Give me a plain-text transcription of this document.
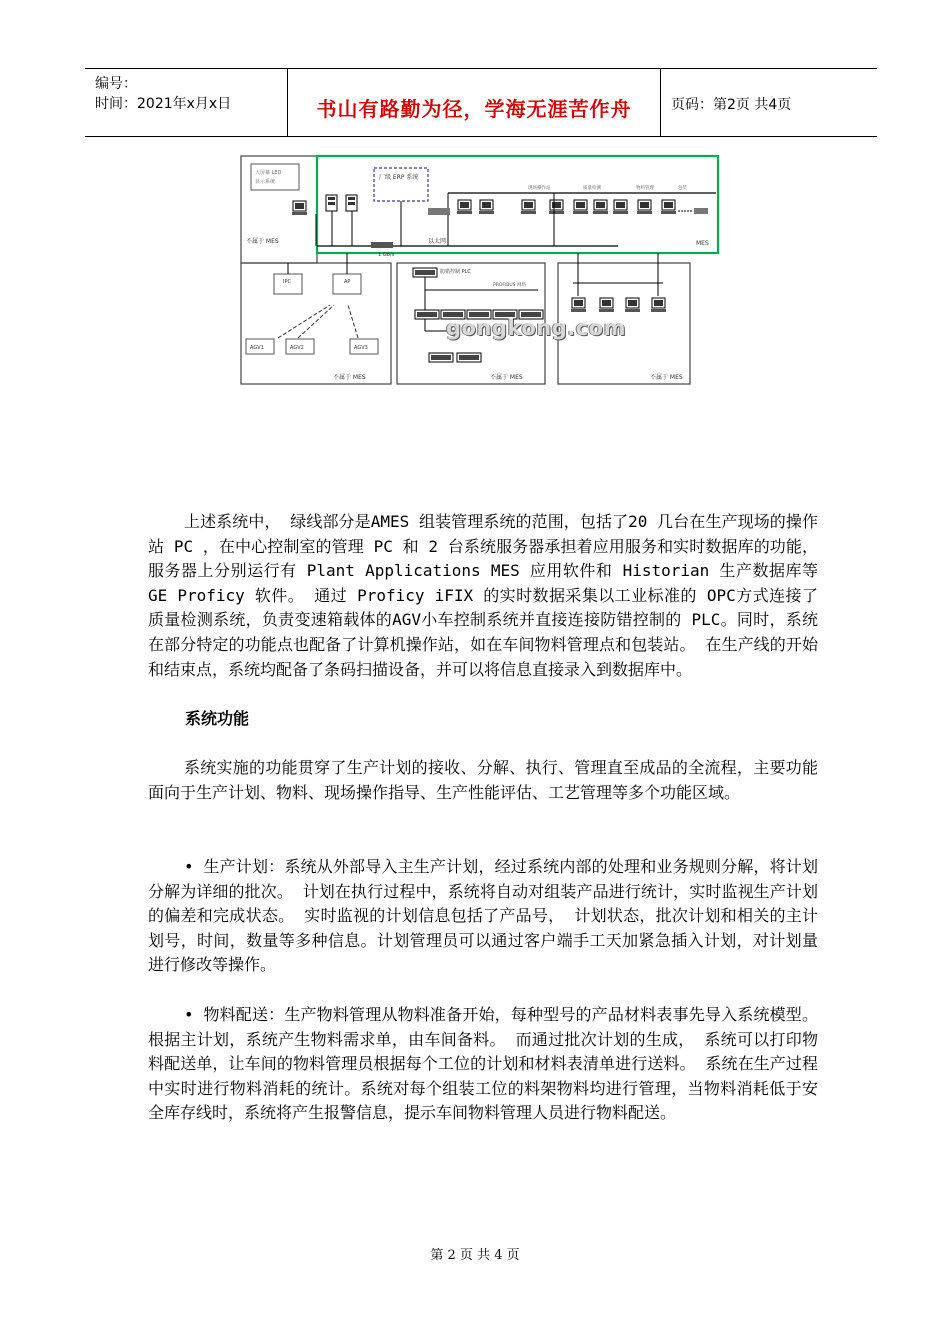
编号：
时间：2021年x月x日	书山有路勤为径，学海无涯苦作舟	页码：第2页 共4页
大屏幕 LED
显示系统
不属于 MES	MES
厂级 ERP 系统
以太网
1 Gb/s
现场操作站	质量检测	物料管理	包装
IPC	AP
AGV1	AGV2	AGV3
不属于 MES
防错控制 PLC
PROFIBUS 网络
不属于 MES	不属于 MES
gongkong.com
上述系统中， 绿线部分是AMES 组装管理系统的范围，包括了20 几台在生产现场的操作站 PC ，在中心控制室的管理 PC 和 2 台系统服务器承担着应用服务和实时数据库的功能， 服务器上分别运行有 Plant Applications MES 应用软件和 Historian 生产数据库等 GE Proficy 软件。 通过 Proficy iFIX 的实时数据采集以工业标准的 OPC方式连接了质量检测系统，负责变速箱载体的AGV小车控制系统并直接连接防错控制的 PLC。同时，系统在部分特定的功能点也配备了计算机操作站，如在车间物料管理点和包装站。 在生产线的开始和结束点，系统均配备了条码扫描设备，并可以将信息直接录入到数据库中。
系统功能
系统实施的功能贯穿了生产计划的接收、分解、执行、管理直至成品的全流程，主要功能面向于生产计划、物料、现场操作指导、生产性能评估、工艺管理等多个功能区域。
• 生产计划：系统从外部导入主生产计划，经过系统内部的处理和业务规则分解，将计划分解为详细的批次。 计划在执行过程中，系统将自动对组装产品进行统计，实时监视生产计划的偏差和完成状态。 实时监视的计划信息包括了产品号， 计划状态，批次计划和相关的主计划号，时间，数量等多种信息。计划管理员可以通过客户端手工天加紧急插入计划，对计划量进行修改等操作。
• 物料配送：生产物料管理从物料准备开始，每种型号的产品材料表事先导入系统模型。 根据主计划，系统产生物料需求单，由车间备料。 而通过批次计划的生成， 系统可以打印物料配送单，让车间的物料管理员根据每个工位的计划和材料表清单进行送料。 系统在生产过程中实时进行物料消耗的统计。系统对每个组装工位的料架物料均进行管理，当物料消耗低于安全库存线时，系统将产生报警信息，提示车间物料管理人员进行物料配送。
第 2 页 共 4 页
